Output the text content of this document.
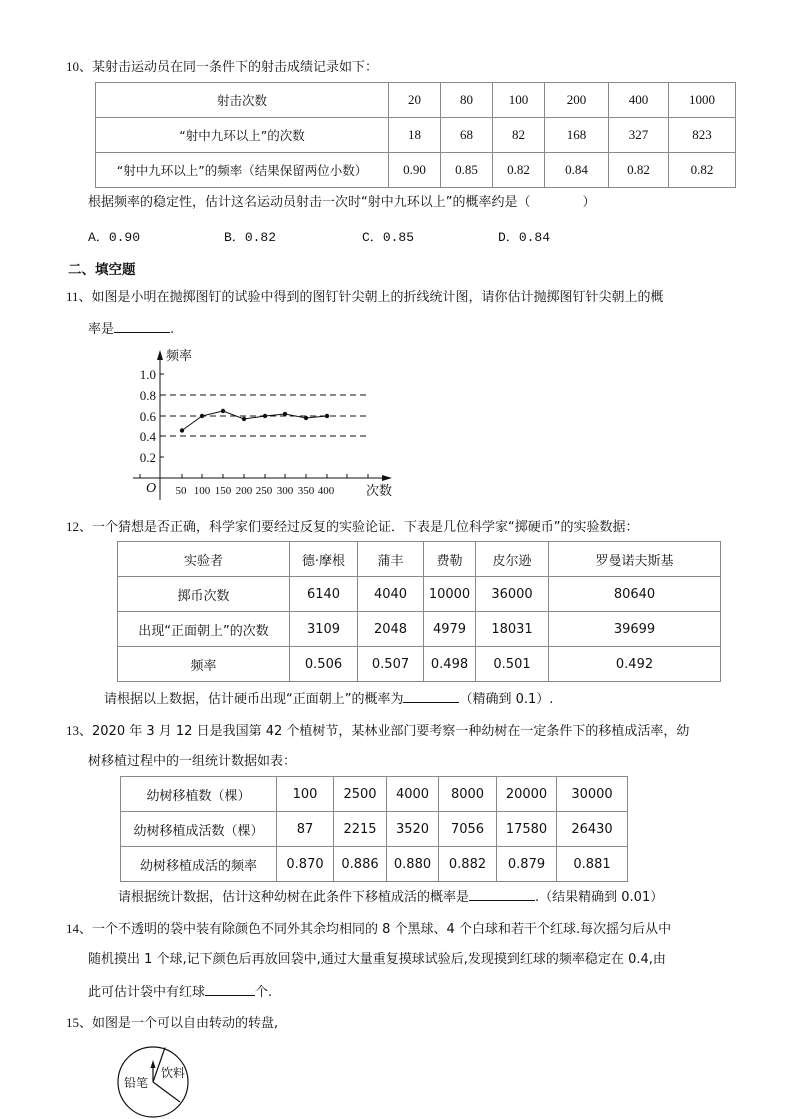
10、某射击运动员在同一条件下的射击成绩记录如下：
射击次数	20	80	100	200	400	1000
“射中九环以上”的次数	18	68	82	168	327	823
“射中九环以上”的频率（结果保留两位小数）	0.90	0.85	0.82	0.84	0.82	0.82
根据频率的稳定性，估计这名运动员射击一次时“射中九环以上”的概率约是（　　　　）
A．0.90	B．0.82	C．0.85	D．0.84
二、填空题
11、如图是小明在抛掷图钉的试验中得到的图钉针尖朝上的折线统计图，请你估计抛掷图钉针尖朝上的概
率是	.
1.0
0.8
0.6
0.4
0.2
50 100 150 200 250 300 350 400
O
频率
次数
12、一个猜想是否正确，科学家们要经过反复的实验论证．下表是几位科学家“掷硬币”的实验数据：
实验者	德·摩根	蒲丰	费勒	皮尔逊	罗曼诺夫斯基
掷币次数	6140	4040	10000	36000	80640
出现“正面朝上”的次数	3109	2048	4979	18031	39699
频率	0.506	0.507	0.498	0.501	0.492
请根据以上数据，估计硬币出现“正面朝上”的概率为	（精确到 0.1）.
13、2020 年 3 月 12 日是我国第 42 个植树节，某林业部门要考察一种幼树在一定条件下的移植成活率，幼
树移植过程中的一组统计数据如表：
幼树移植数（棵）	100	2500	4000	8000	20000	30000
幼树移植成活数（棵）	87	2215	3520	7056	17580	26430
幼树移植成活的频率	0.870	0.886	0.880	0.882	0.879	0.881
请根据统计数据，估计这种幼树在此条件下移植成活的概率是	.（结果精确到 0.01）
14、一个不透明的袋中装有除颜色不同外其余均相同的 8 个黑球、4 个白球和若干个红球.每次摇匀后从中
随机摸出 1 个球,记下颜色后再放回袋中,通过大量重复摸球试验后,发现摸到红球的频率稳定在 0.4,由
此可估计袋中有红球	个.
15、如图是一个可以自由转动的转盘,
铅笔
饮料
